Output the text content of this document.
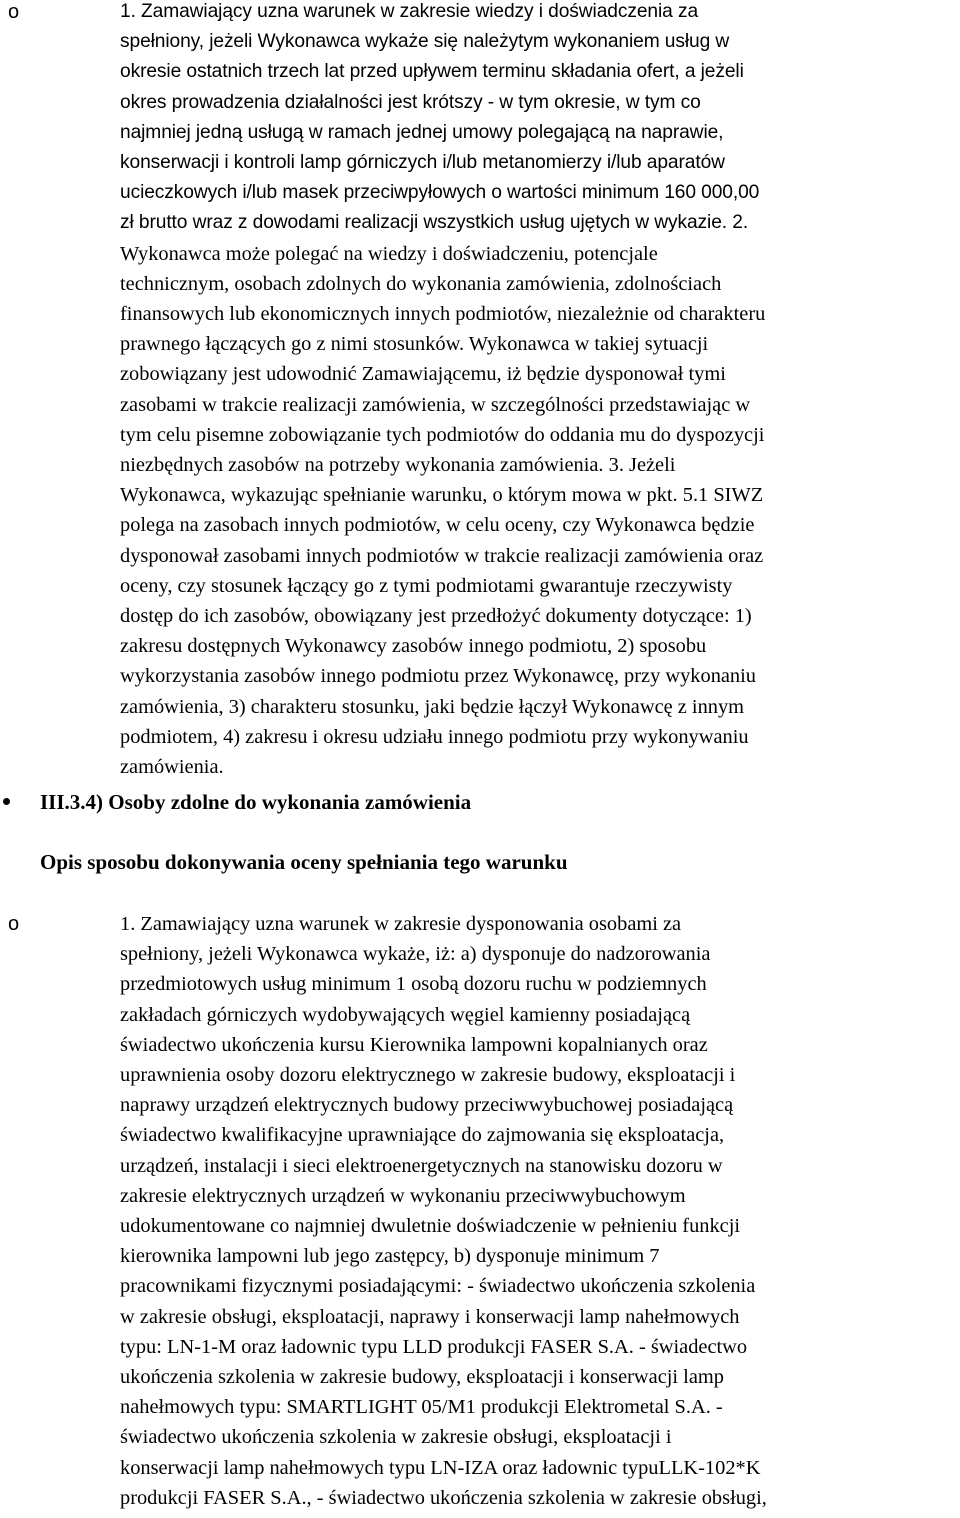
o	1. Zamawiający uzna warunek w zakresie wiedzy i doświadczenia za
spełniony, jeżeli Wykonawca wykaże się należytym wykonaniem usług w
okresie ostatnich trzech lat przed upływem terminu składania ofert, a jeżeli
okres prowadzenia działalności jest krótszy - w tym okresie, w tym co
najmniej jedną usługą w ramach jednej umowy polegającą na naprawie,
konserwacji i kontroli lamp górniczych i/lub metanomierzy i/lub aparatów
ucieczkowych i/lub masek przeciwpyłowych o wartości minimum 160 000,00
zł brutto wraz z dowodami realizacji wszystkich usług ujętych w wykazie. 2.
Wykonawca może polegać na wiedzy i doświadczeniu, potencjale
technicznym, osobach zdolnych do wykonania zamówienia, zdolnościach
finansowych lub ekonomicznych innych podmiotów, niezależnie od charakteru
prawnego łączących go z nimi stosunków. Wykonawca w takiej sytuacji
zobowiązany jest udowodnić Zamawiającemu, iż będzie dysponował tymi
zasobami w trakcie realizacji zamówienia, w szczególności przedstawiając w
tym celu pisemne zobowiązanie tych podmiotów do oddania mu do dyspozycji
niezbędnych zasobów na potrzeby wykonania zamówienia. 3. Jeżeli
Wykonawca, wykazując spełnianie warunku, o którym mowa w pkt. 5.1 SIWZ
polega na zasobach innych podmiotów, w celu oceny, czy Wykonawca będzie
dysponował zasobami innych podmiotów w trakcie realizacji zamówienia oraz
oceny, czy stosunek łączący go z tymi podmiotami gwarantuje rzeczywisty
dostęp do ich zasobów, obowiązany jest przedłożyć dokumenty dotyczące: 1)
zakresu dostępnych Wykonawcy zasobów innego podmiotu, 2) sposobu
wykorzystania zasobów innego podmiotu przez Wykonawcę, przy wykonaniu
zamówienia, 3) charakteru stosunku, jaki będzie łączył Wykonawcę z innym
podmiotem, 4) zakresu i okresu udziału innego podmiotu przy wykonywaniu
zamówienia.
III.3.4) Osoby zdolne do wykonania zamówienia
Opis sposobu dokonywania oceny spełniania tego warunku
o	1. Zamawiający uzna warunek w zakresie dysponowania osobami za
spełniony, jeżeli Wykonawca wykaże, iż: a) dysponuje do nadzorowania
przedmiotowych usług minimum 1 osobą dozoru ruchu w podziemnych
zakładach górniczych wydobywających węgiel kamienny posiadającą
świadectwo ukończenia kursu Kierownika lampowni kopalnianych oraz
uprawnienia osoby dozoru elektrycznego w zakresie budowy, eksploatacji i
naprawy urządzeń elektrycznych budowy przeciwwybuchowej posiadającą
świadectwo kwalifikacyjne uprawniające do zajmowania się eksploatacja,
urządzeń, instalacji i sieci elektroenergetycznych na stanowisku dozoru w
zakresie elektrycznych urządzeń w wykonaniu przeciwwybuchowym
udokumentowane co najmniej dwuletnie doświadczenie w pełnieniu funkcji
kierownika lampowni lub jego zastępcy, b) dysponuje minimum 7
pracownikami fizycznymi posiadającymi: - świadectwo ukończenia szkolenia
w zakresie obsługi, eksploatacji, naprawy i konserwacji lamp nahełmowych
typu: LN-1-M oraz ładownic typu LLD produkcji FASER S.A. - świadectwo
ukończenia szkolenia w zakresie budowy, eksploatacji i konserwacji lamp
nahełmowych typu: SMARTLIGHT 05/M1 produkcji Elektrometal S.A. -
świadectwo ukończenia szkolenia w zakresie obsługi, eksploatacji i
konserwacji lamp nahełmowych typu LN-IZA oraz ładownic typuLLK-102*K
produkcji FASER S.A., - świadectwo ukończenia szkolenia w zakresie obsługi,
